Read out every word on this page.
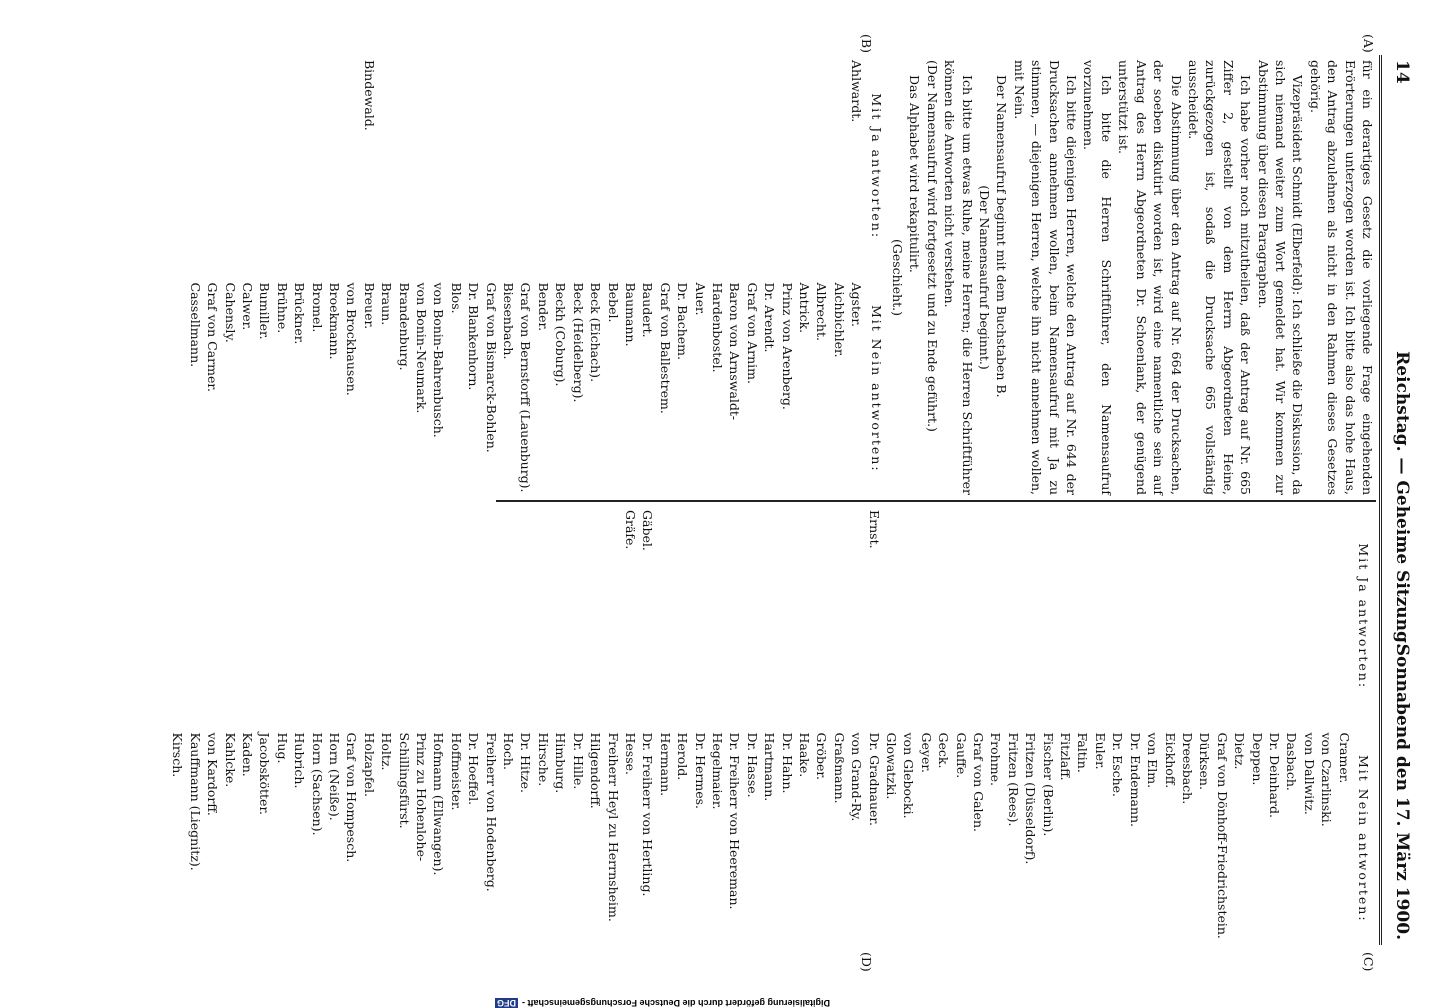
14
Reichstag. — Geheime Sitzung.
Sonnabend den 17. März 1900.
(A)
(B)
(C)
(D)

für ein derartiges Gesetz die vorliegende Frage eingehenden Erörterungen unterzogen worden ist. Ich bitte also das hohe Haus, den Antrag abzulehnen als nicht in den Rahmen dieses Gesetzes gehörig.

Vizepräsident Schmidt (Elberfeld): Ich schließe die Diskussion, da sich niemand weiter zum Wort gemeldet hat. Wir kommen zur Abstimmung über diesen Paragraphen.

Ich habe vorher noch mitzutheilen, daß der Antrag auf Nr. 665 Ziffer 2, gestellt von dem Herrn Abgeordneten Heine, zurückgezogen ist, sodaß die Drucksache 665 vollständig ausscheidet.

Die Abstimmung über den Antrag auf Nr. 664 der Drucksachen, der soeben diskutirt worden ist, wird eine namentliche sein auf Antrag des Herrn Abgeordneten Dr. Schoenlank, der genügend unterstützt ist.

Ich bitte die Herren Schriftführer, den Namensaufruf vorzunehmen.

Ich bitte diejenigen Herren, welche den Antrag auf Nr. 644 der Drucksachen annehmen wollen, beim Namensaufruf mit Ja zu stimmen, — diejenigen Herren, welche ihn nicht annehmen wollen, mit Nein.

Der Namensaufruf beginnt mit dem Buchstaben B.

(Der Namensaufruf beginnt.)

Ich bitte um etwas Ruhe, meine Herren; die Herren Schriftführer können die Antworten nicht verstehen.

(Der Namensaufruf wird fortgesetzt und zu Ende geführt.)

Das Alphabet wird rekapitulirt.

(Geschieht.)

Mit Ja antworten:
Ahlwardt.

Bindewald.
Mit Nein antworten:
Agster.
Aichbichler.
Albrecht.
Antrick.
Prinz von Arenberg.
Dr. Arendt.
Graf von Arnim.
Baron von Arnswaldt-Hardenbostel.
Auer.
Dr. Bachem.
Graf von Ballestrem.
Baudert.
Baumann.
Bebel.
Beck (Eichach).
Beck (Heidelberg).
Beckh (Coburg).
Bender.
Graf von Bernstorff (Lauenburg).
Biesenbach.
Graf von Bismarck-Bohlen.
Dr. Blankenhorn.
Blos.
von Bonin-Bahrenbusch.
von Bonin-Neumark.
Brandenburg.
Braun.
Breuer.
von Brockhausen.
Broekmann.
Bromel.
Brückner.
Brühne.
Bumiller.
Calwer.
Cahensly.
Graf von Carmer.
Cassellmann.
Mit Ja antworten:

Ernst.

Gäbel.
Gräfe.
Mit Nein antworten:
Cramer.
von Czarlinski.
von Dallwitz.
Dasbach.
Dr. Deinhard.
Deppen.
Dietz.
Graf von Dönhoff-Friedrichstein.
Dürksen.
Dreesbach.
Eickhoff.
von Elm.
Dr. Endemann.
Dr. Esche.
Euler.
Faltin.
Fitzlaff.
Fischer (Berlin).
Fritzen (Düsseldorf).
Fritzen (Rees).
Frohme.
Graf von Galen.
Gauffe.
Geck.
Geyer.
von Glebocki.
Glowatzki.
Dr. Gradnauer.
von Grand-Ry.
Graßmann.
Gröber.
Haake.
Dr. Hahn.
Hartmann.
Dr. Hasse.
Dr. Freiherr von Heereman.
Hegelmaier.
Dr. Hermes.
Herold.
Hermann.
Dr. Freiherr von Hertling.
Hesse.
Freiherr Heyl zu Herrnsheim.
Hilgendorff.
Dr. Hille.
Himburg.
Hirsche.
Dr. Hitze.
Hoch.
Freiherr von Hodenberg.
Dr. Hoeffel.
Hoffmeister.
Hofmann (Ellwangen).
Prinz zu Hohenlohe-Schillingsfürst.
Holtz.
Holzapfel.
Graf von Hompesch.
Horn (Neiße).
Horn (Sachsen).
Hubrich.
Hug.
Jacobskötter.
Kaden.
Kahlcke.
von Kardorff.
Kauffmann (Liegnitz).
Kirsch.
Digitalisierung gefördert durch die Deutsche Forschungsgemeinschaft -DFG
